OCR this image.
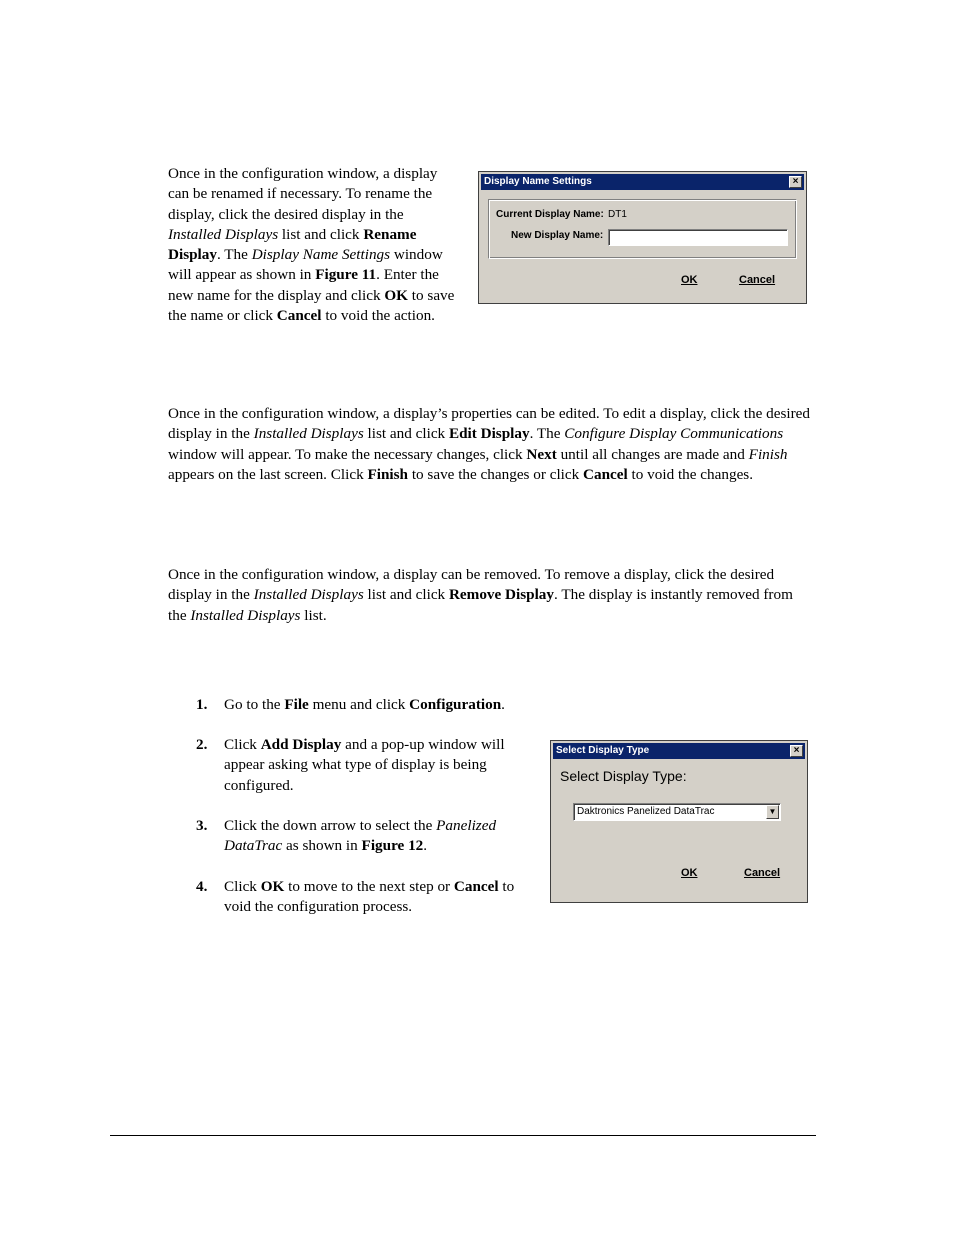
Once in the configuration window, a display can be renamed if necessary. To rename the display, click the desired display in the Installed Displays list and click Rename Display. The Display Name Settings window will appear as shown in Figure 11. Enter the new name for the display and click OK to save the name or click Cancel to void the action.

Display Name Settings	×
Current Display Name: DT1
New Display Name:
OK	Cancel

Once in the configuration window, a display’s properties can be edited. To edit a display, click the desired display in the Installed Displays list and click Edit Display. The Configure Display Communications window will appear. To make the necessary changes, click Next until all changes are made and Finish appears on the last screen. Click Finish to save the changes or click Cancel to void the changes.

Once in the configuration window, a display can be removed. To remove a display, click the desired display in the Installed Displays list and click Remove Display. The display is instantly removed from the Installed Displays list.

1. Go to the File menu and click Configuration.
2. Click Add Display and a pop-up window will appear asking what type of display is being configured.
3. Click the down arrow to select the Panelized DataTrac as shown in Figure 12.
4. Click OK to move to the next step or Cancel to void the configuration process.
Select Display Type	×
Select Display Type:
Daktronics Panelized DataTrac	▼
OK	Cancel
